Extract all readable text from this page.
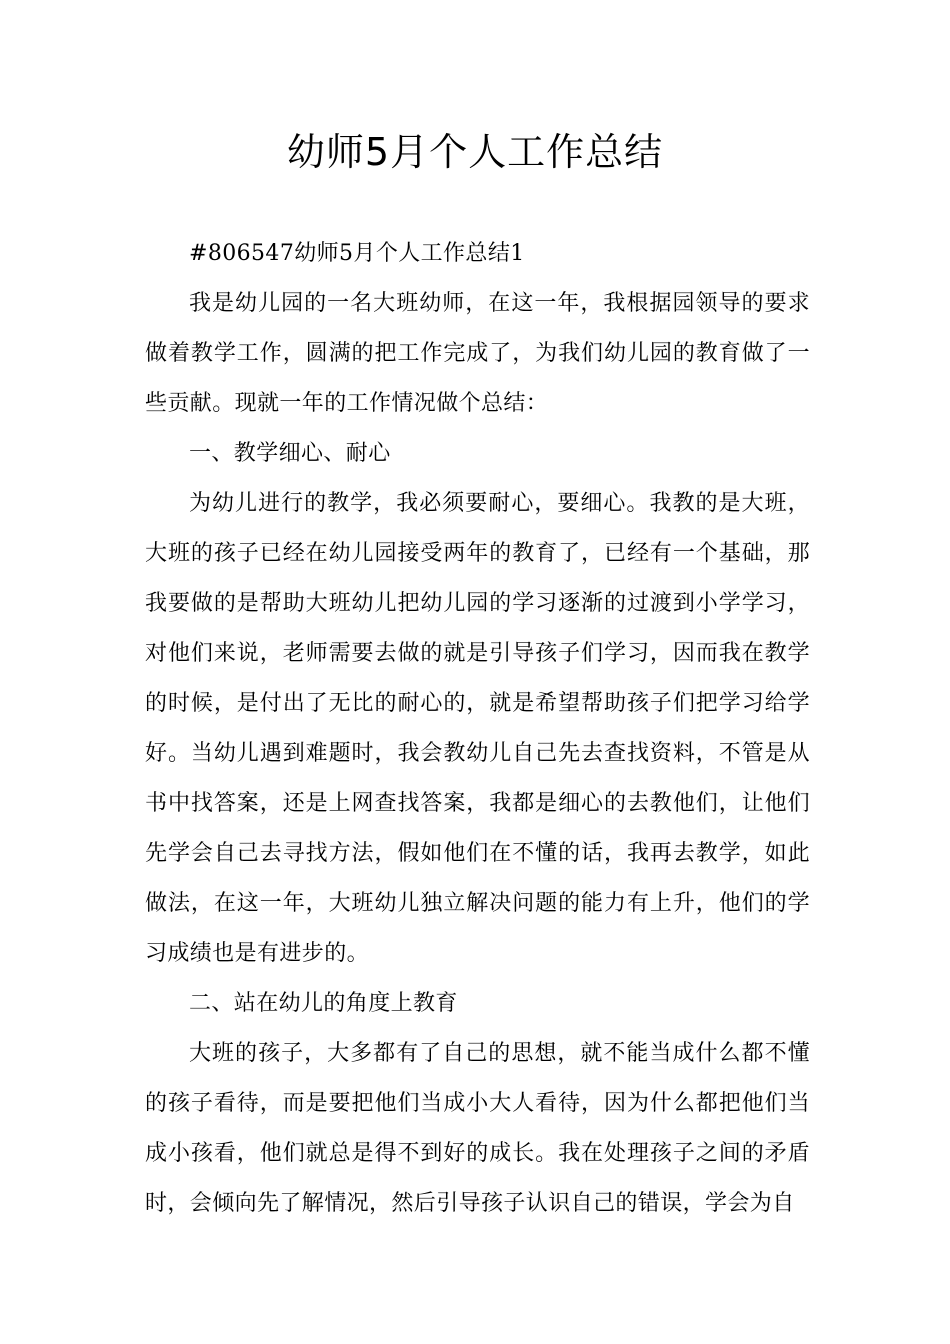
幼师5月个人工作总结

#806547幼师5月个人工作总结1

我是幼儿园的一名大班幼师，在这一年，我根据园领导的要求做着教学工作，圆满的把工作完成了，为我们幼儿园的教育做了一些贡献。现就一年的工作情况做个总结：

一、教学细心、耐心

为幼儿进行的教学，我必须要耐心，要细心。我教的是大班，大班的孩子已经在幼儿园接受两年的教育了，已经有一个基础，那我要做的是帮助大班幼儿把幼儿园的学习逐渐的过渡到小学学习，对他们来说，老师需要去做的就是引导孩子们学习，因而我在教学的时候，是付出了无比的耐心的，就是希望帮助孩子们把学习给学好。当幼儿遇到难题时，我会教幼儿自己先去查找资料，不管是从书中找答案，还是上网查找答案，我都是细心的去教他们，让他们先学会自己去寻找方法，假如他们在不懂的话，我再去教学，如此做法，在这一年，大班幼儿独立解决问题的能力有上升，他们的学习成绩也是有进步的。

二、站在幼儿的角度上教育

大班的孩子，大多都有了自己的思想，就不能当成什么都不懂的孩子看待，而是要把他们当成小大人看待，因为什么都把他们当成小孩看，他们就总是得不到好的成长。我在处理孩子之间的矛盾时，会倾向先了解情况，然后引导孩子认识自己的错误，学会为自
